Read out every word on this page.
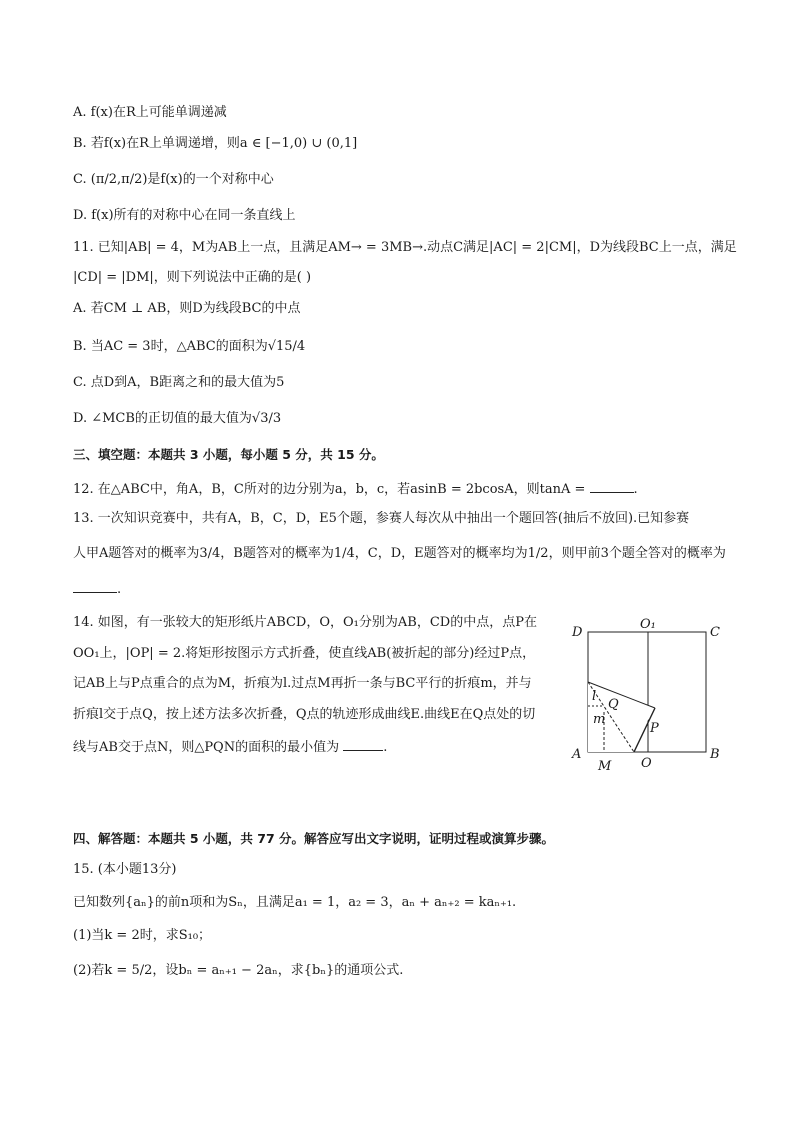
A. f(x)在R上可能单调递减
B. 若f(x)在R上单调递增，则a ∈ [−1,0) ∪ (0,1]
C. (π/2,π/2)是f(x)的一个对称中心
D. f(x)所有的对称中心在同一条直线上
11. 已知|AB| = 4，M为AB上一点，且满足AM→ = 3MB→.动点C满足|AC| = 2|CM|，D为线段BC上一点，满足
|CD| = |DM|，则下列说法中正确的是( )
A. 若CM ⊥ AB，则D为线段BC的中点
B. 当AC = 3时，△ABC的面积为√15/4
C. 点D到A，B距离之和的最大值为5
D. ∠MCB的正切值的最大值为√3/3
三、填空题：本题共 3 小题，每小题 5 分，共 15 分。
12. 在△ABC中，角A，B，C所对的边分别为a，b，c，若asinB = 2bcosA，则tanA =	.
13. 一次知识竞赛中，共有A，B，C，D，E5个题，参赛人每次从中抽出一个题回答(抽后不放回).已知参赛
人甲A题答对的概率为3/4，B题答对的概率为1/4，C，D，E题答对的概率均为1/2，则甲前3个题全答对的概率为
.
14. 如图，有一张较大的矩形纸片ABCD，O，O₁分别为AB，CD的中点，点P在
OO₁上，|OP| = 2.将矩形按图示方式折叠，使直线AB(被折起的部分)经过P点，
记AB上与P点重合的点为M，折痕为l.过点M再折一条与BC平行的折痕m，并与
折痕l交于点Q，按上述方法多次折叠，Q点的轨迹形成曲线E.曲线E在Q点处的切
线与AB交于点N，则△PQN的面积的最小值为	.
D
O₁
C
A
M O
B
P
Q
l
m
四、解答题：本题共 5 小题，共 77 分。解答应写出文字说明，证明过程或演算步骤。
15. (本小题13分)
已知数列{aₙ}的前n项和为Sₙ，且满足a₁ = 1，a₂ = 3，aₙ + aₙ₊₂ = kaₙ₊₁.
(1)当k = 2时，求S₁₀；
(2)若k = 5/2，设bₙ = aₙ₊₁ − 2aₙ，求{bₙ}的通项公式.
